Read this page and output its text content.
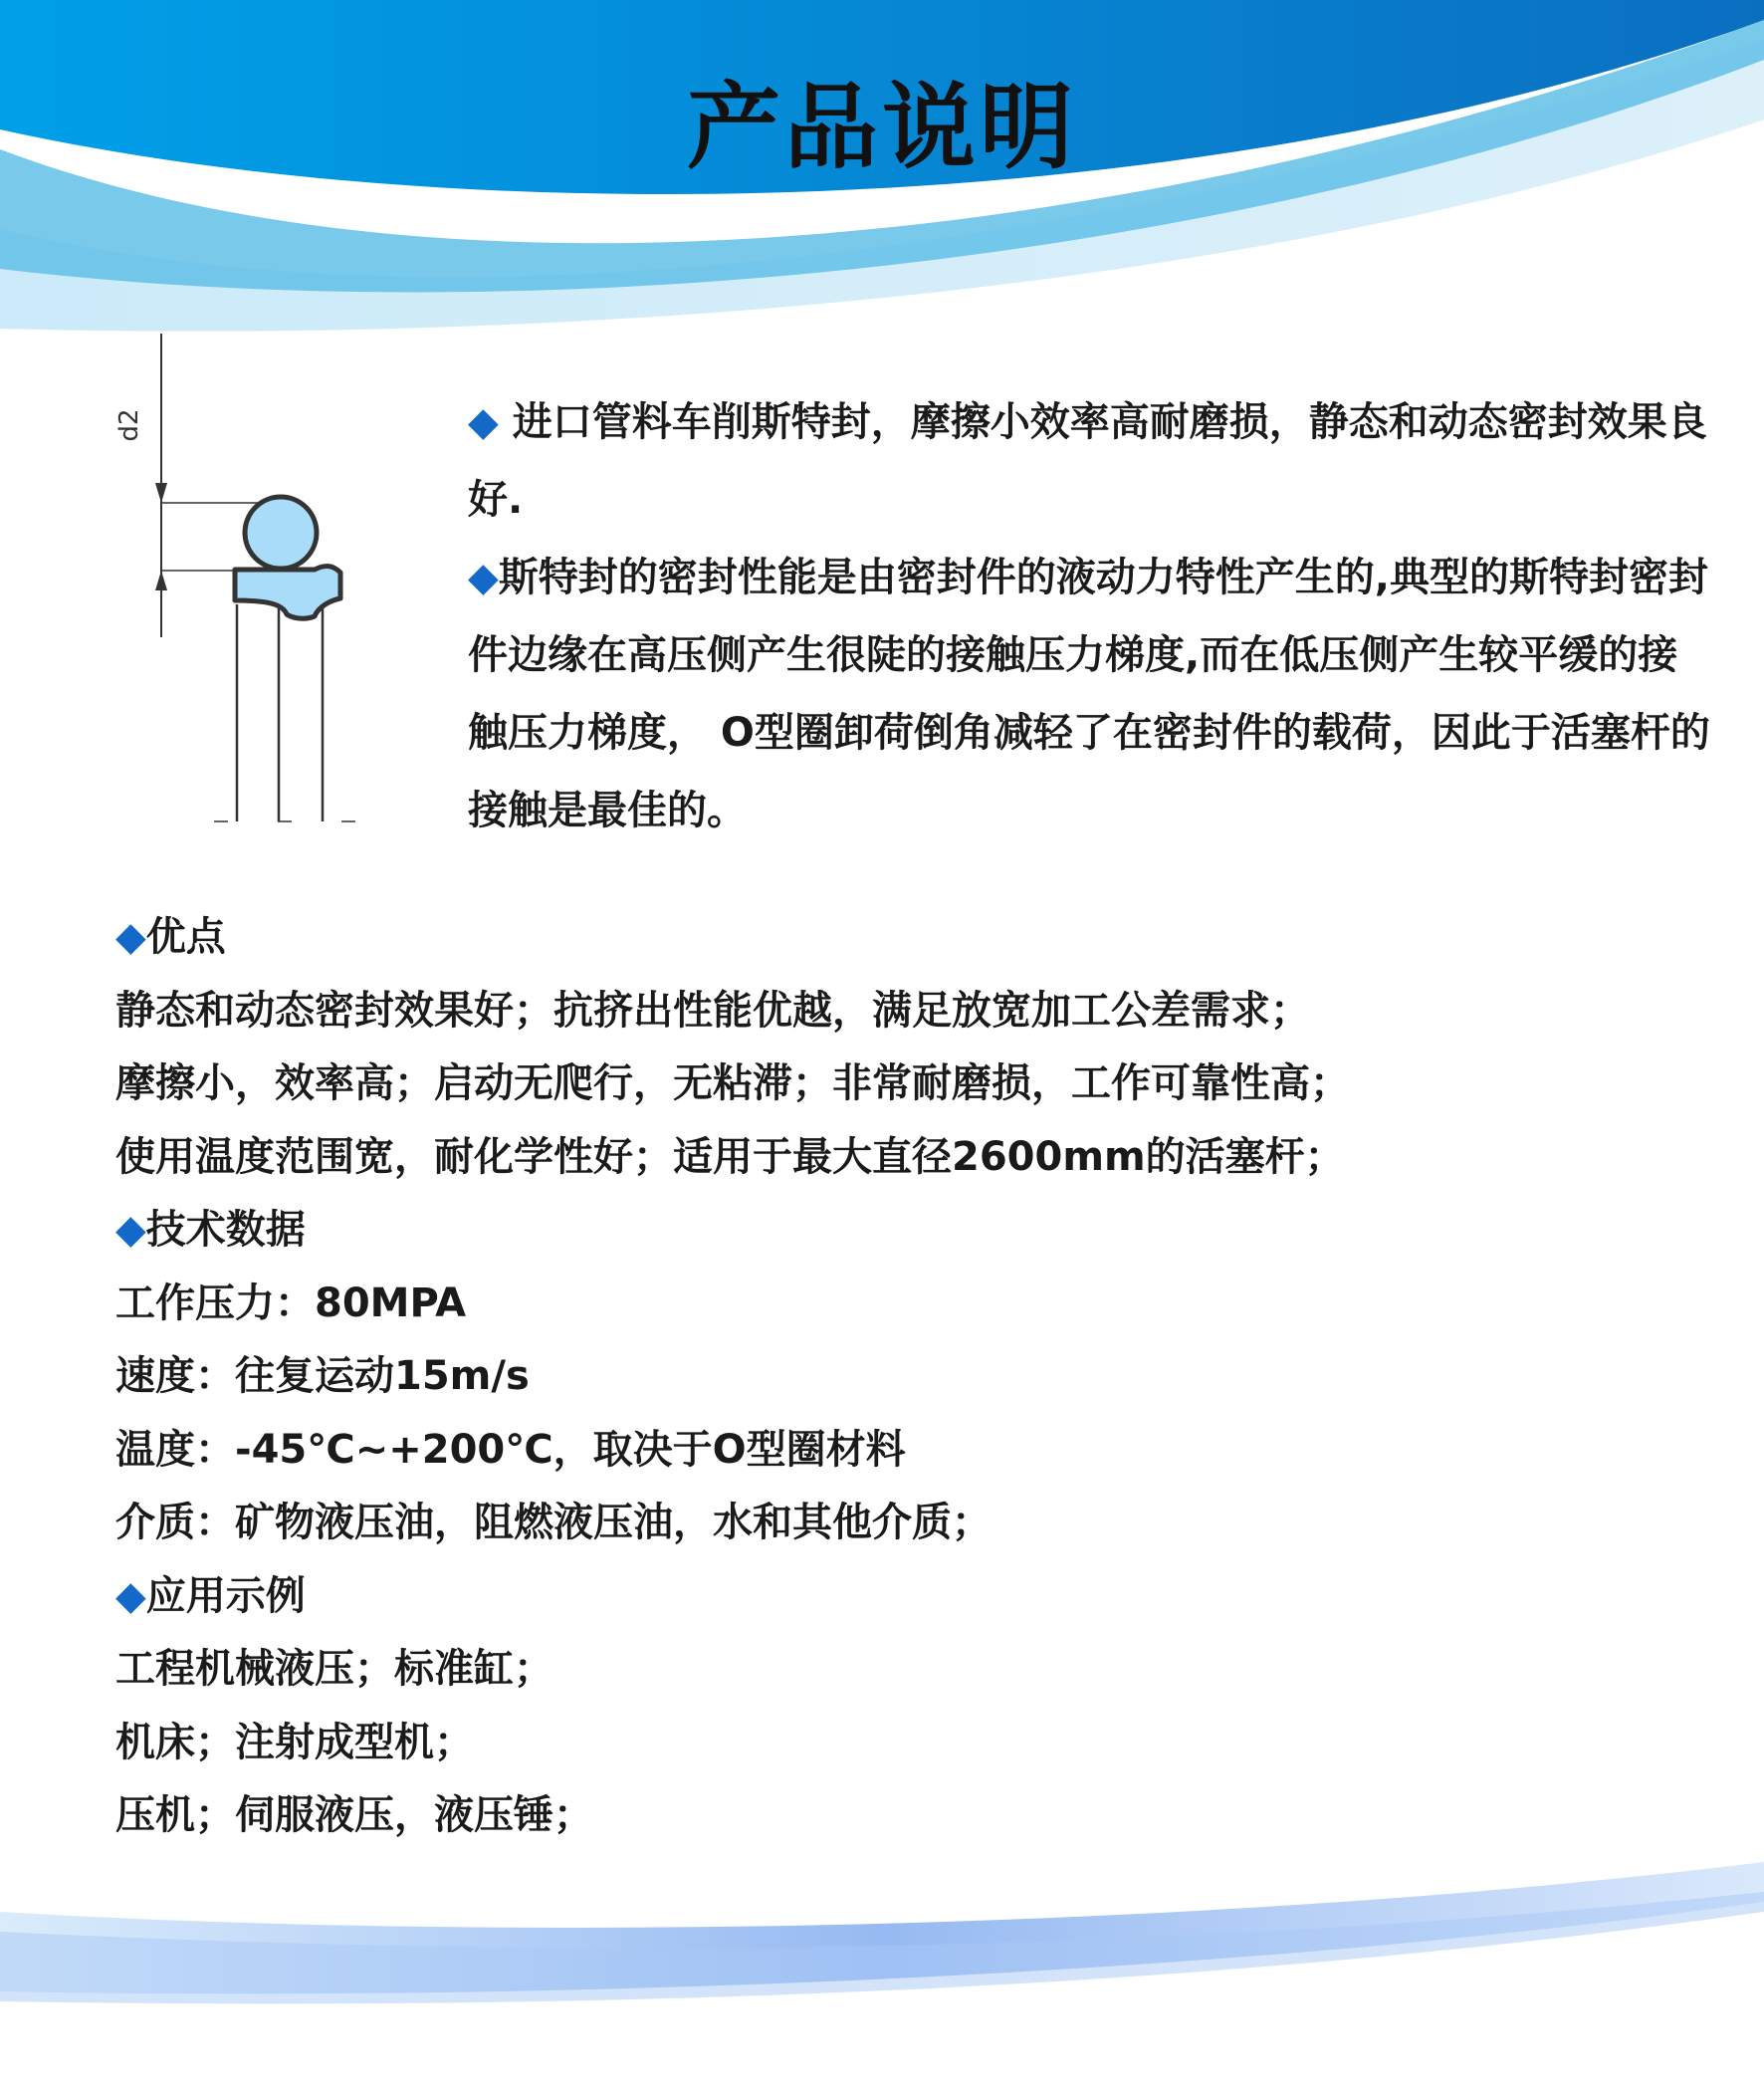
产品说明
d2	◆ 进口管料车削斯特封，摩擦小效率高耐磨损，静态和动态密封效果良好.

◆斯特封的密封性能是由密封件的液动力特性产生的,典型的斯特封密封件边缘在高压侧产生很陡的接触压力梯度,而在低压侧产生较平缓的接触压力梯度， O型圈卸荷倒角减轻了在密封件的载荷，因此于活塞杆的接触是最佳的。

◆优点

静态和动态密封效果好；抗挤出性能优越，满足放宽加工公差需求；

摩擦小，效率高；启动无爬行，无粘滞；非常耐磨损，工作可靠性高；

使用温度范围宽，耐化学性好；适用于最大直径2600mm的活塞杆；

◆技术数据

工作压力：80MPA

速度：往复运动15m/s

温度：-45℃~+200℃，取决于O型圈材料

介质：矿物液压油，阻燃液压油，水和其他介质；

◆应用示例

工程机械液压；标准缸；

机床；注射成型机；

压机；伺服液压，液压锤；
